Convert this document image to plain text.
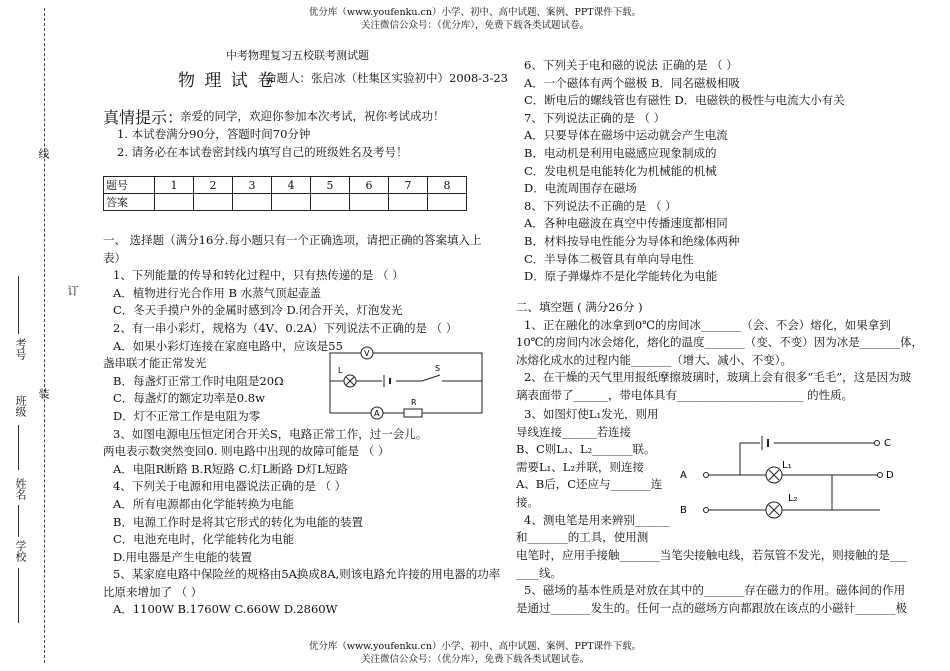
优分库（www.youfenku.cn）小学、初中、高中试题、案例、PPT课件下载。
关注微信公众号：（优分库），免费下载各类试题试卷。
优分库（www.youfenku.cn）小学、初中、高中试题、案例、PPT课件下载。
关注微信公众号：（优分库），免费下载各类试题试卷。
线
订
装
考号
班级
姓名
学校
中考物理复习五校联考测试题
物 理 试 卷
命题人：张启冰（杜集区实验初中）2008-3-23
真情提示：
亲爱的同学，欢迎你参加本次考试，祝你考试成功！
1. 本试卷满分90分，答题时间70分钟
2. 请务必在本试卷密封线内填写自己的班级姓名及考号！
题号	1	2	3	4	5	6	7	8
答案								

一、 选择题（满分16分.每小题只有一个正确选项，请把正确的答案填入上

表）

1、下列能量的传导和转化过程中，只有热传递的是 （ ）

A．植物进行光合作用 B 水蒸气顶起壶盖

C．冬天手摸户外的金属时感到冷 D.闭合开关，灯泡发光

2、有一串小彩灯，规格为（4V、0.2A）下列说法不正确的是 （ ）

A．如果小彩灯连接在家庭电路中，应该是55

盏串联才能正常发光

B．每盏灯正常工作时电阻是20Ω

C．每盏灯的额定功率是0.8w

D．灯不正常工作是电阻为零

3、如图电源电压恒定闭合开关S，电路正常工作，过一会儿。

两电表示数突然变回0. 则电路中出现的故障可能是 （ ）

A．电阻R断路 B.R短路 C.灯L断路 D灯L短路

4、下列关于电源和用电器说法正确的是 （ ）

A．所有电源都由化学能转换为电能

B．电源工作时是将其它形式的转化为电能的装置

C．电池充电时，化学能转化为电能

D.用电器是产生电能的装置

5、某家庭电路中保险丝的规格由5A换成8A,则该电路允许接的用电器的功率

比原来增加了 （ ）

A．1100W B.1760W C.660W D.2860W

V
L	S
A
R

6、下列关于电和磁的说法 正确的是 （ ）

A．一个磁体有两个磁极 B．同名磁极相吸

C．断电后的螺线管也有磁性 D．电磁铁的极性与电流大小有关

7、下列说法正确的是 （ ）

A．只要导体在磁场中运动就会产生电流

B．电动机是利用电磁感应现象制成的

C．发电机是电能转化为机械能的机械

D．电流周围存在磁场

8、下列说法不正确的是 （ ）

A．各种电磁波在真空中传播速度都相同

B．材料按导电性能分为导体和绝缘体两种

C．半导体二极管具有单向导电性

D．原子弹爆炸不是化学能转化为电能

二、填空题 ( 满分26分 )

1、正在融化的冰拿到0℃的房间冰_______（会、不会）熔化，如果拿到

10℃的房间内冰会熔化，熔化的温度_______（变、不变）因为冰是_______体，

冰熔化成水的过程内能_______（增大、减小、不变）。

2、在干燥的天气里用报纸摩擦玻璃时，玻璃上会有很多“毛毛”，这是因为玻

璃表面带了______，带电体具有______________________ 的性质。

3、如图灯使L₁发光，则用

导线连接______若连接

B、C则L₁、L₂_______联。

需要L₁、L₂并联，则连接

A、B后，C还应与_______连

接。

4、测电笔是用来辨别______

和_______的工具，使用测

电笔时，应用手接触_______当笔尖接触电线，若氖管不发光，则接触的是___

____线。

5、磁场的基本性质是对放在其中的_______存在磁力的作用。磁体间的作用

是通过_______发生的。任何一点的磁场方向都跟放在该点的小磁针_______极

C
A
B
D
L₁
L₂
